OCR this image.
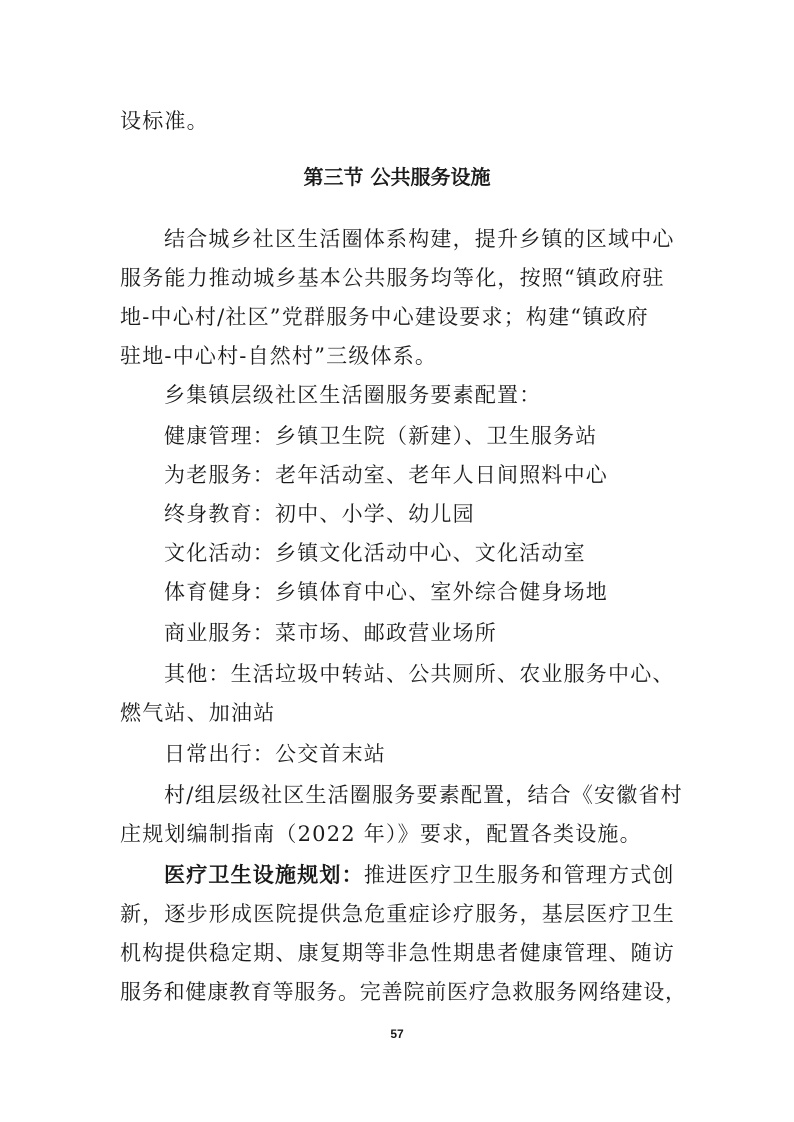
设标准。
第三节 公共服务设施
结合城乡社区生活圈体系构建，提升乡镇的区域中心
服务能力推动城乡基本公共服务均等化，按照“镇政府驻
地-中心村/社区”党群服务中心建设要求；构建“镇政府
驻地-中心村-自然村”三级体系。
乡集镇层级社区生活圈服务要素配置：
健康管理：乡镇卫生院（新建）、卫生服务站
为老服务：老年活动室、老年人日间照料中心
终身教育：初中、小学、幼儿园
文化活动：乡镇文化活动中心、文化活动室
体育健身：乡镇体育中心、室外综合健身场地
商业服务：菜市场、邮政营业场所
其他：生活垃圾中转站、公共厕所、农业服务中心、
燃气站、加油站
日常出行：公交首末站
村/组层级社区生活圈服务要素配置，结合《安徽省村
庄规划编制指南（2022 年）》要求，配置各类设施。
医疗卫生设施规划：推进医疗卫生服务和管理方式创
新，逐步形成医院提供急危重症诊疗服务，基层医疗卫生
机构提供稳定期、康复期等非急性期患者健康管理、随访
服务和健康教育等服务。完善院前医疗急救服务网络建设，
57
